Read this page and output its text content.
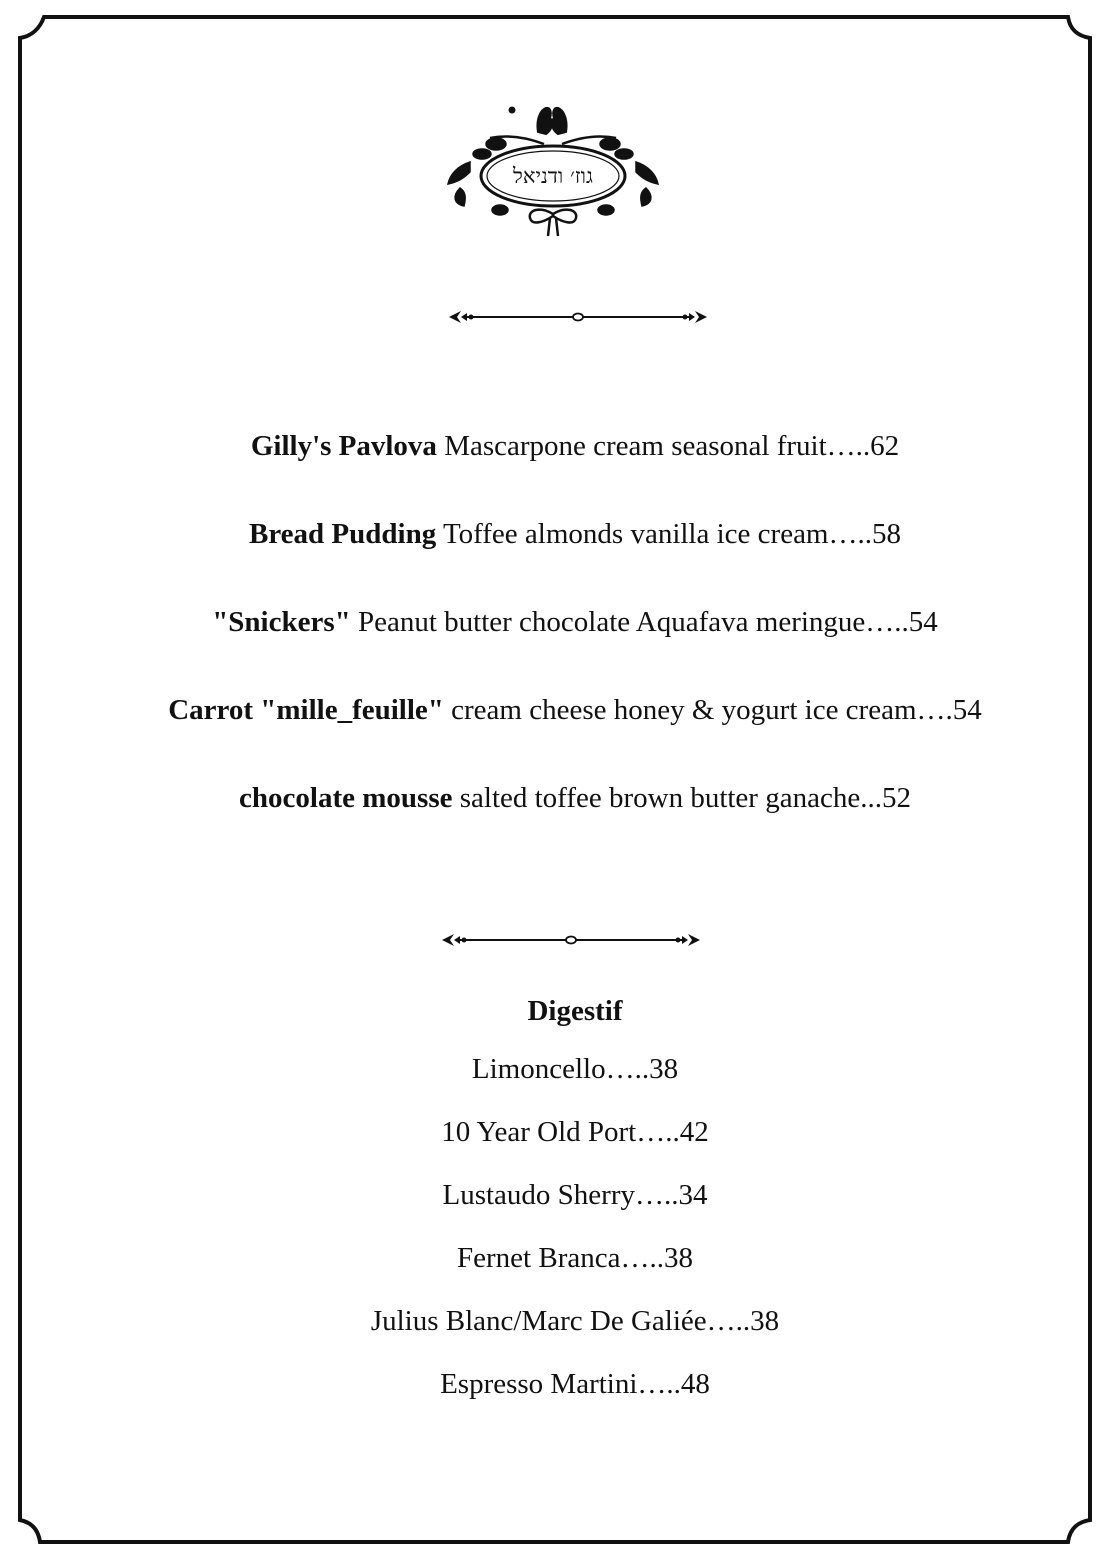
גוז׳ ודניאל
Gilly's Pavlova Mascarpone cream seasonal fruit…..62
Bread Pudding Toffee almonds vanilla ice cream…..58
"Snickers" Peanut butter chocolate Aquafava meringue…..54
Carrot "mille_feuille" cream cheese honey & yogurt ice cream….54
chocolate mousse salted toffee brown butter ganache...52
Digestif
Limoncello…..38
10 Year Old Port…..42
Lustaudo Sherry…..34
Fernet Branca…..38
Julius Blanc/Marc De Galiée…..38
Espresso Martini…..48
